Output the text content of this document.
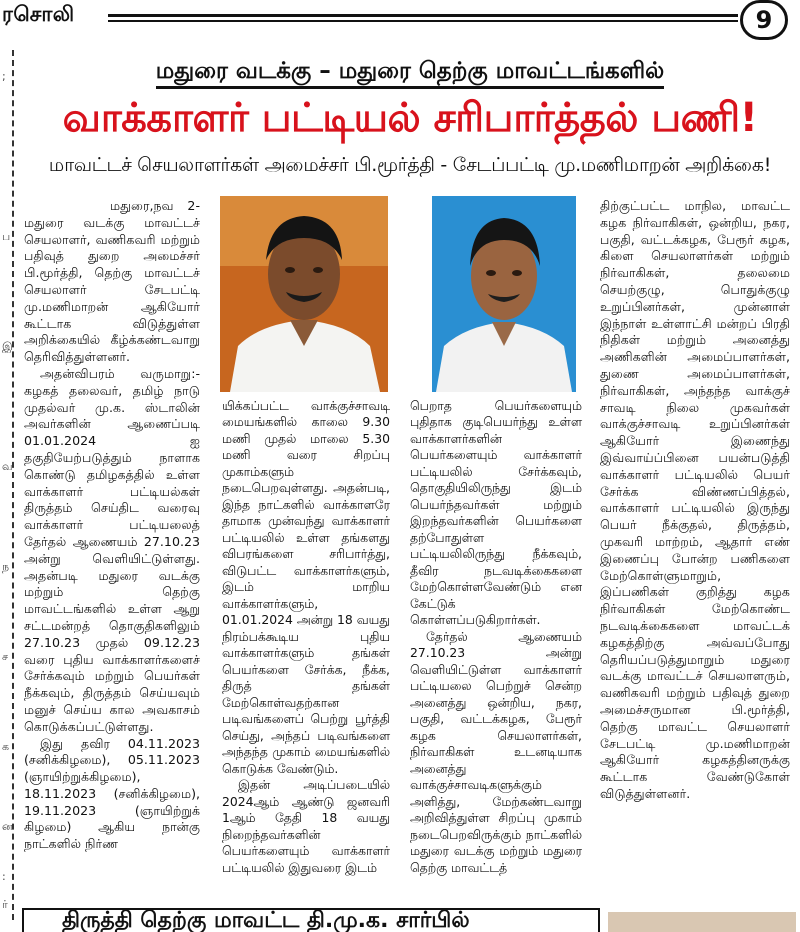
ரசொலி	9
;
ப
இ
வ
ந
ச
க
ன
:
ர்
மதுரை வடக்கு – மதுரை தெற்கு மாவட்டங்களில்
வாக்காளர் பட்டியல் சரிபார்த்தல் பணி!
மாவட்டச் செயலாளர்கள் அமைச்சர் பி.மூர்த்தி - சேடப்பட்டி மு.மணிமாறன் அறிக்கை!

மதுரை,நவ 2- மதுரை வடக்கு மாவட்டச் செயலாளர், வணிகவரி மற்றும் பதிவுத் துறை அமைச்சர் பி.மூர்த்தி, தெற்கு மாவட்டச் செயலாளர் சேடபட்டி மு.மணிமாறன் ஆகியோர் கூட்டாக விடுத்துள்ள அறிக்கையில் கீழ்க்கண்டவாறு தெரிவித்துள்ளனர்.

அதன்விபரம் வருமாறு:- கழகத் தலைவர், தமிழ் நாடு முதல்வர் மு.க. ஸ்டாலின் அவர்களின் ஆணைப்படி 01.01.2024 ஐ தகுதியேற்படுத்தும் நாளாக கொண்டு தமிழகத்தில் உள்ள வாக்காளர் பட்டியல்கள் திருத்தம் செய்திட வரைவு வாக்காளர் பட்டியலைத் தேர்தல் ஆணையம் 27.10.23 அன்று வெளியிட்டுள்ளது. அதன்படி மதுரை வடக்கு மற்றும் தெற்கு மாவட்டங்களில் உள்ள ஆறு சட்டமன்றத் தொகுதிகளிலும் 27.10.23 முதல் 09.12.23 வரை புதிய வாக்காளர்களைச் சேர்க்கவும் மற்றும் பெயர்கள் நீக்கவும், திருத்தம் செய்யவும் மனுச் செய்ய கால அவகாசம் கொடுக்கப்பட்டுள்ளது.

இது தவிர 04.11.2023 (சனிக்கிழமை), 05.11.2023 (ஞாயிற்றுக்கிழமை), 18.11.2023 (சனிக்கிழமை), 19.11.2023 (ஞாயிற்றுக் கிழமை) ஆகிய நான்கு நாட்களில் நிர்ண

யிக்கப்பட்ட வாக்குச்சாவடி மையங்களில் காலை 9.30 மணி முதல் மாலை 5.30 மணி வரை சிறப்பு முகாம்களும் நடைபெறவுள்ளது. அதன்படி, இந்த நாட்களில் வாக்காளரே தாமாக முன்வந்து வாக்காளர் பட்டியலில் உள்ள தங்களது விபரங்களை சரிபார்த்து, விடுபட்ட வாக்காளர்களும், இடம் மாறிய வாக்காளர்களும், 01.01.2024 அன்று 18 வயது நிரம்பக்கூடிய புதிய வாக்காளர்களும் தங்கள் பெயர்களை சேர்க்க, நீக்க, திருத் தங்கள் மேற்கொள்வதற்கான படிவங்களைப் பெற்று பூர்த்தி செய்து, அந்தப் படிவங்களை அந்தந்த முகாம் மையங்களில் கொடுக்க வேண்டும்.

இதன் அடிப்படையில் 2024ஆம் ஆண்டு ஜனவரி 1ஆம் தேதி 18 வயது நிறைந்தவர்களின் பெயர்களையும் வாக்காளர் பட்டியலில் இதுவரை இடம்

பெறாத பெயர்களையும் புதிதாக குடிபெயர்ந்து உள்ள வாக்காளர்களின் பெயர்களையும் வாக்காளர் பட்டியலில் சேர்க்கவும், தொகுதியிலிருந்து இடம் பெயர்ந்தவர்கள் மற்றும் இறந்தவர்களின் பெயர்களை தற்போதுள்ள பட்டியலிலிருந்து நீக்கவும், தீவிர நடவடிக்கைகளை மேற்கொள்ளவேண்டும் என கேட்டுக் கொள்ளப்படுகிறார்கள்.

தேர்தல் ஆணையம் 27.10.23 அன்று வெளியிட்டுள்ள வாக்காளர் பட்டியலை பெற்றுச் சென்ற அனைத்து ஒன்றிய, நகர, பகுதி, வட்டக்கழக, பேரூர் கழக செயலாளர்கள், நிர்வாகிகள் உடனடியாக அனைத்து வாக்குச்சாவடிகளுக்கும் அளித்து, மேற்கண்டவாறு அறிவித்துள்ள சிறப்பு முகாம் நடைபெறவிருக்கும் நாட்களில் மதுரை வடக்கு மற்றும் மதுரை தெற்கு மாவட்டத்

திற்குட்பட்ட மாநில, மாவட்ட கழக நிர்வாகிகள், ஒன்றிய, நகர, பகுதி, வட்டக்கழக, பேரூர் கழக, கிளை செயலாளர்கள் மற்றும் நிர்வாகிகள், தலைமை செயற்குழு, பொதுக்குழு உறுப்பினர்கள், முன்னாள் இந்நாள் உள்ளாட்சி மன்றப் பிரதி நிதிகள் மற்றும் அனைத்து அணிகளின் அமைப்பாளர்கள், துணை அமைப்பாளர்கள், நிர்வாகிகள், அந்தந்த வாக்குச் சாவடி நிலை முகவர்கள் வாக்குச்சாவடி உறுப்பினர்கள் ஆகியோர் இணைந்து இவ்வாய்ப்பினை பயன்படுத்தி வாக்காளர் பட்டியலில் பெயர் சேர்க்க விண்ணப்பித்தல், வாக்காளர் பட்டியலில் இருந்து பெயர் நீக்குதல், திருத்தம், முகவரி மாற்றம், ஆதார் எண் இணைப்பு போன்ற பணிகளை மேற்கொள்ளுமாறும், இப்பணிகள் குறித்து கழக நிர்வாகிகள் மேற்கொண்ட நடவடிக்கைகளை மாவட்டக் கழகத்திற்கு அவ்வப்போது தெரியப்படுத்துமாறும் மதுரை வடக்கு மாவட்டச் செயலாளரும், வணிகவரி மற்றும் பதிவுத் துறை அமைச்சருமான பி.மூர்த்தி, தெற்கு மாவட்ட செயலாளர் சேடபட்டி மு.மணிமாறன் ஆகியோர் கழகத்தினருக்கு கூட்டாக வேண்டுகோள் விடுத்துள்ளனர்.

திருத்தி தெற்கு மாவட்ட தி.மு.க. சார்பில்
